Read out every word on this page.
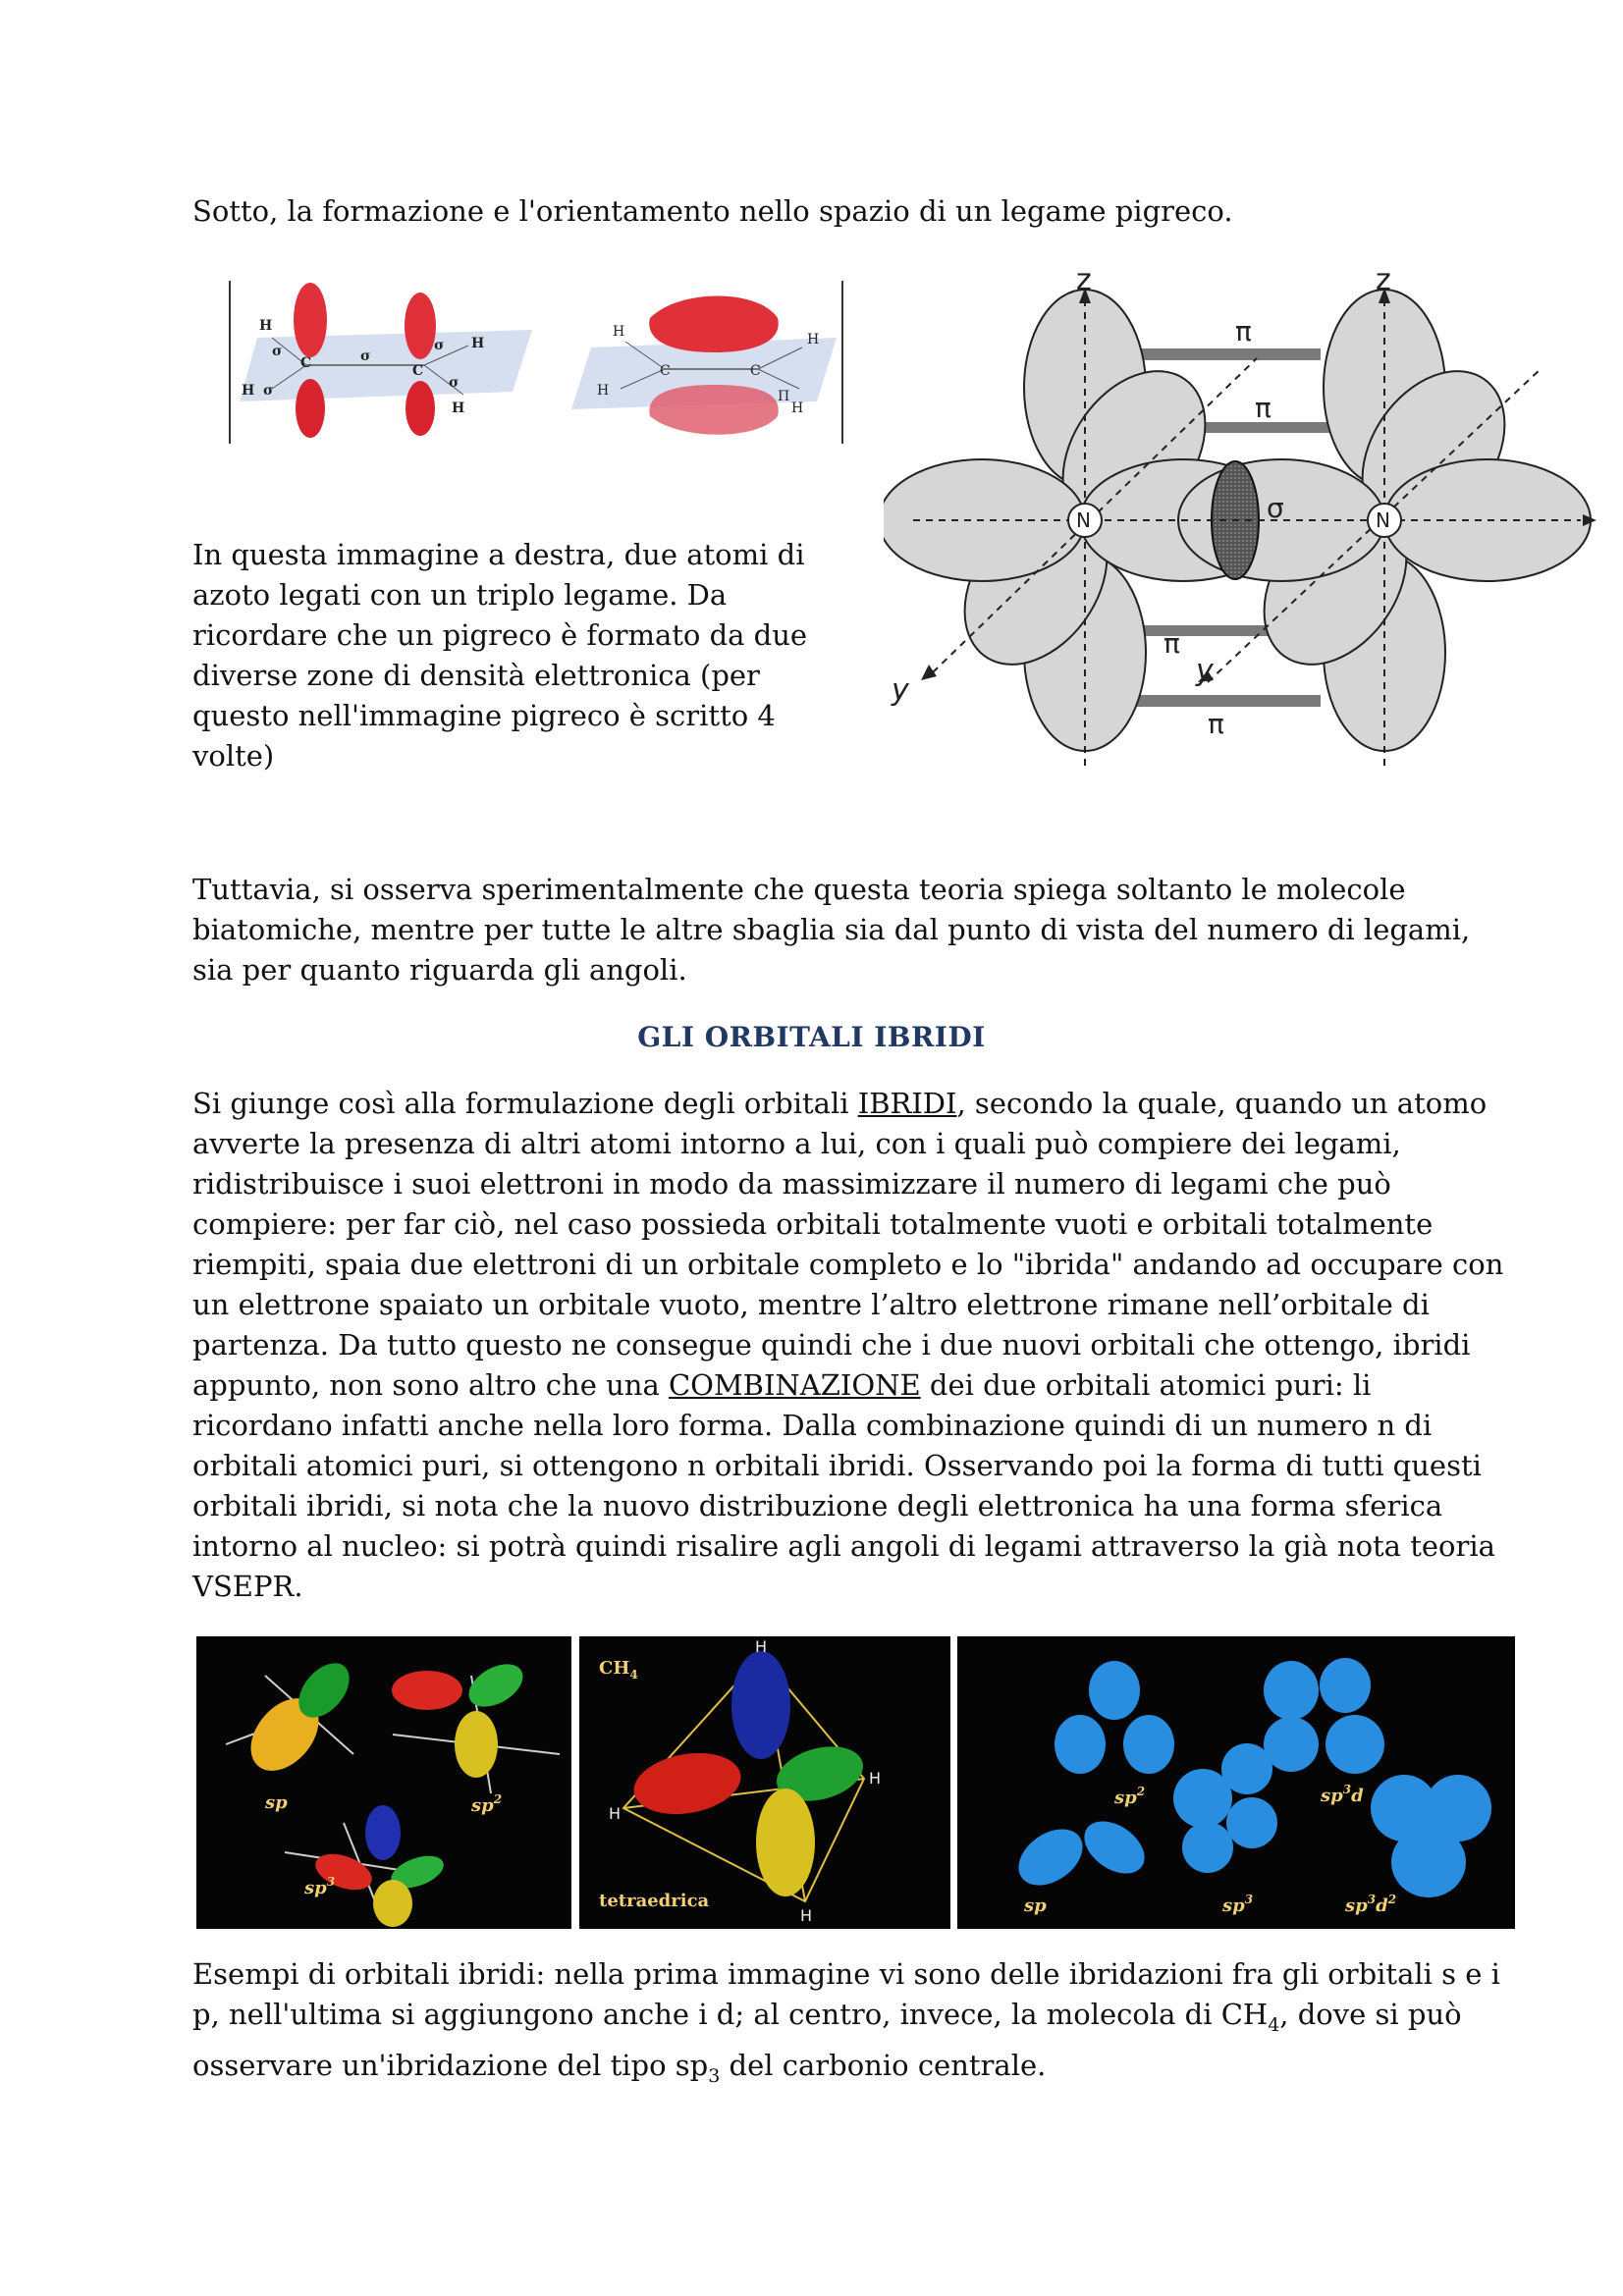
Sotto, la formazione e l'orientamento nello spazio di un legame pigreco.

H
H
σ	σ
σ
σ
σ
C	C
H
H
H
H
C	C
H
H
Π
N	N
z	z
y
y
π
π
π
π
σ

In questa immagine a destra, due atomi di azoto legati con un triplo legame. Da ricordare che un pigreco è formato da due diverse zone di densità elettronica (per questo nell'immagine pigreco è scritto 4 volte)

Tuttavia, si osserva sperimentalmente che questa teoria spiega soltanto le molecole biatomiche, mentre per tutte le altre sbaglia sia dal punto di vista del numero di legami, sia per quanto riguarda gli angoli.

GLI ORBITALI IBRIDI

Si giunge così alla formulazione degli orbitali IBRIDI, secondo la quale, quando un atomo avverte la presenza di altri atomi intorno a lui, con i quali può compiere dei legami, ridistribuisce i suoi elettroni in modo da massimizzare il numero di legami che può compiere: per far ciò, nel caso possieda orbitali totalmente vuoti e orbitali totalmente riempiti, spaia due elettroni di un orbitale completo e lo "ibrida" andando ad occupare con un elettrone spaiato un orbitale vuoto, mentre l’altro elettrone rimane nell’orbitale di partenza. Da tutto questo ne consegue quindi che i due nuovi orbitali che ottengo, ibridi appunto, non sono altro che una COMBINAZIONE dei due orbitali atomici puri: li ricordano infatti anche nella loro forma. Dalla combinazione quindi di un numero n di orbitali atomici puri, si ottengono n orbitali ibridi. Osservando poi la forma di tutti questi orbitali ibridi, si nota che la nuovo distribuzione degli elettronica ha una forma sferica intorno al nucleo: si potrà quindi risalire agli angoli di legami attraverso la già nota teoria VSEPR.

sp	$sp^2$
$sp^3$
H
H
H
H
$CH_4$
tetraedrica	sp
$sp^2$
$sp^3$
$sp^3d$
$sp^3d^2$

Esempi di orbitali ibridi: nella prima immagine vi sono delle ibridazioni fra gli orbitali s e i p, nell'ultima si aggiungono anche i d; al centro, invece, la molecola di $CH_4$, dove si può osservare un'ibridazione del tipo $sp_3$ del carbonio centrale.
